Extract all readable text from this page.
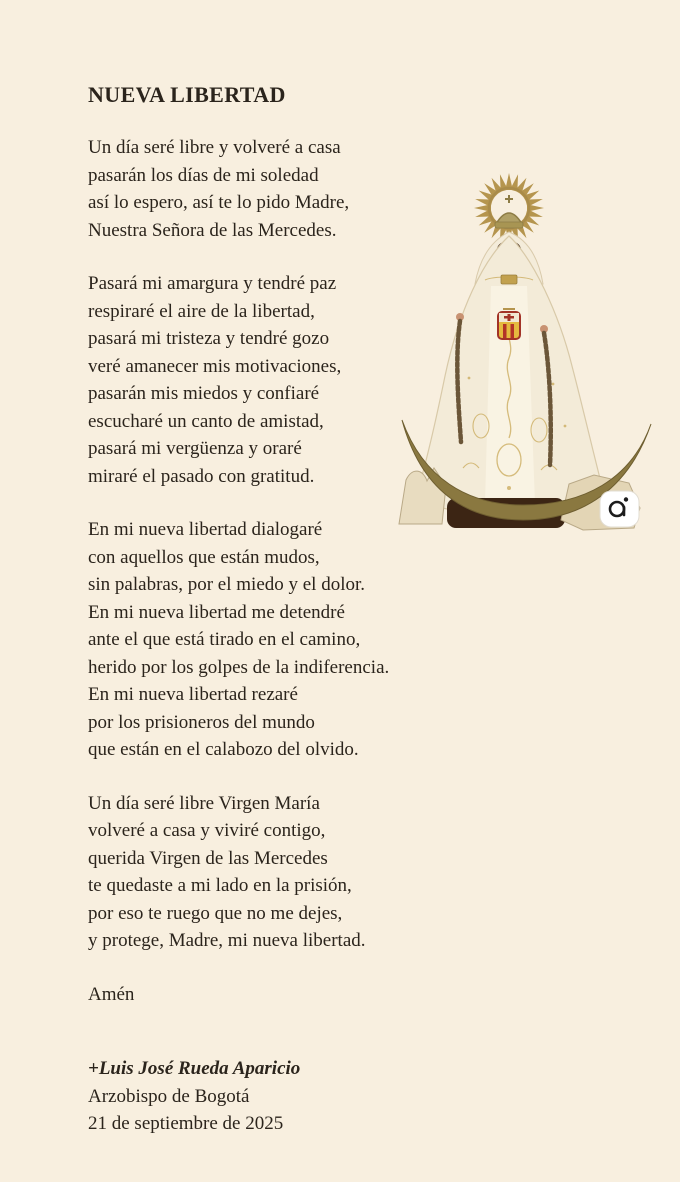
NUEVA LIBERTAD
Un día seré libre y volveré a casa
pasarán los días de mi soledad
así lo espero, así te lo pido Madre,
Nuestra Señora de las Mercedes.
Pasará mi amargura y tendré paz
respiraré el aire de la libertad,
pasará mi tristeza y tendré gozo
veré amanecer mis motivaciones,
pasarán mis miedos y confiaré
escucharé un canto de amistad,
pasará mi vergüenza y oraré
miraré el pasado con gratitud.
En mi nueva libertad dialogaré
con aquellos que están mudos,
sin palabras, por el miedo y el dolor.
En mi nueva libertad me detendré
ante el que está tirado en el camino,
herido por los golpes de la indiferencia.
En mi nueva libertad rezaré
por los prisioneros del mundo
que están en el calabozo del olvido.
Un día seré libre Virgen María
volveré a casa y viviré contigo,
querida Virgen de las Mercedes
te quedaste a mi lado en la prisión,
por eso te ruego que no me dejes,
y protege, Madre, mi nueva libertad.
Amén
+Luis José Rueda Aparicio
Arzobispo de Bogotá
21 de septiembre de 2025
